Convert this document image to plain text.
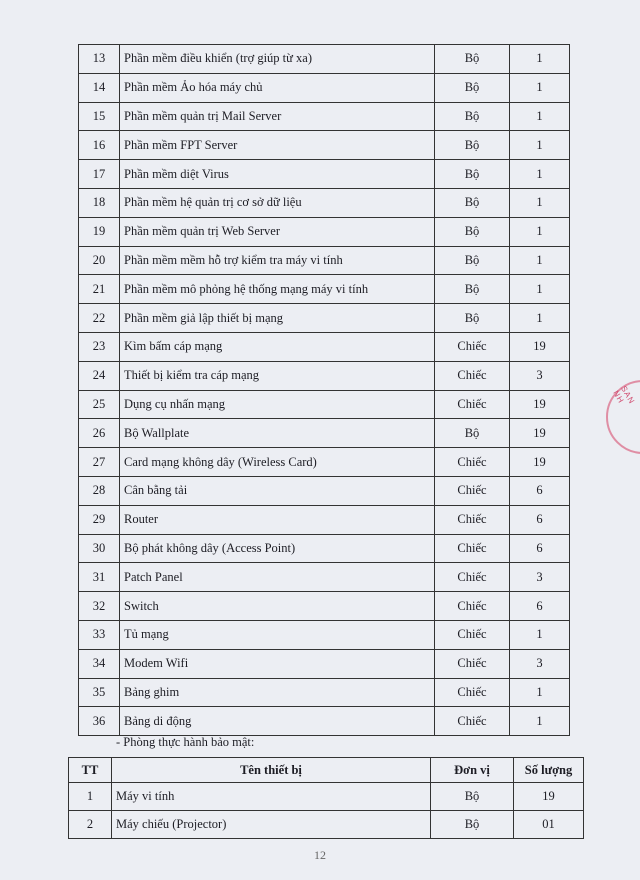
13	Phần mềm điều khiển (trợ giúp từ xa)	Bộ	1
14	Phần mềm Ảo hóa máy chủ	Bộ	1
15	Phần mềm quản trị Mail Server	Bộ	1
16	Phần mềm FPT Server	Bộ	1
17	Phần mềm diệt Virus	Bộ	1
18	Phần mềm hệ quản trị cơ sở dữ liệu	Bộ	1
19	Phần mềm quản trị Web Server	Bộ	1
20	Phần mềm mềm hỗ trợ kiểm tra máy vi tính	Bộ	1
21	Phần mềm mô phỏng hệ thống mạng máy vi tính	Bộ	1
22	Phần mềm giả lập thiết bị mạng	Bộ	1
23	Kìm bấm cáp mạng	Chiếc	19
24	Thiết bị kiểm tra cáp mạng	Chiếc	3
25	Dụng cụ nhấn mạng	Chiếc	19
26	Bộ Wallplate	Bộ	19
27	Card mạng không dây (Wireless Card)	Chiếc	19
28	Cân bằng tải	Chiếc	6
29	Router	Chiếc	6
30	Bộ phát không dây (Access Point)	Chiếc	6
31	Patch Panel	Chiếc	3
32	Switch	Chiếc	6
33	Tủ mạng	Chiếc	1
34	Modem Wifi	Chiếc	3
35	Bảng ghim	Chiếc	1
36	Bảng di động	Chiếc	1
- Phòng thực hành bảo mật:
TT	Tên thiết bị	Đơn vị	Số lượng
1	Máy vi tính	Bộ	19
2	Máy chiếu (Projector)	Bộ	01
12
SAN NH
